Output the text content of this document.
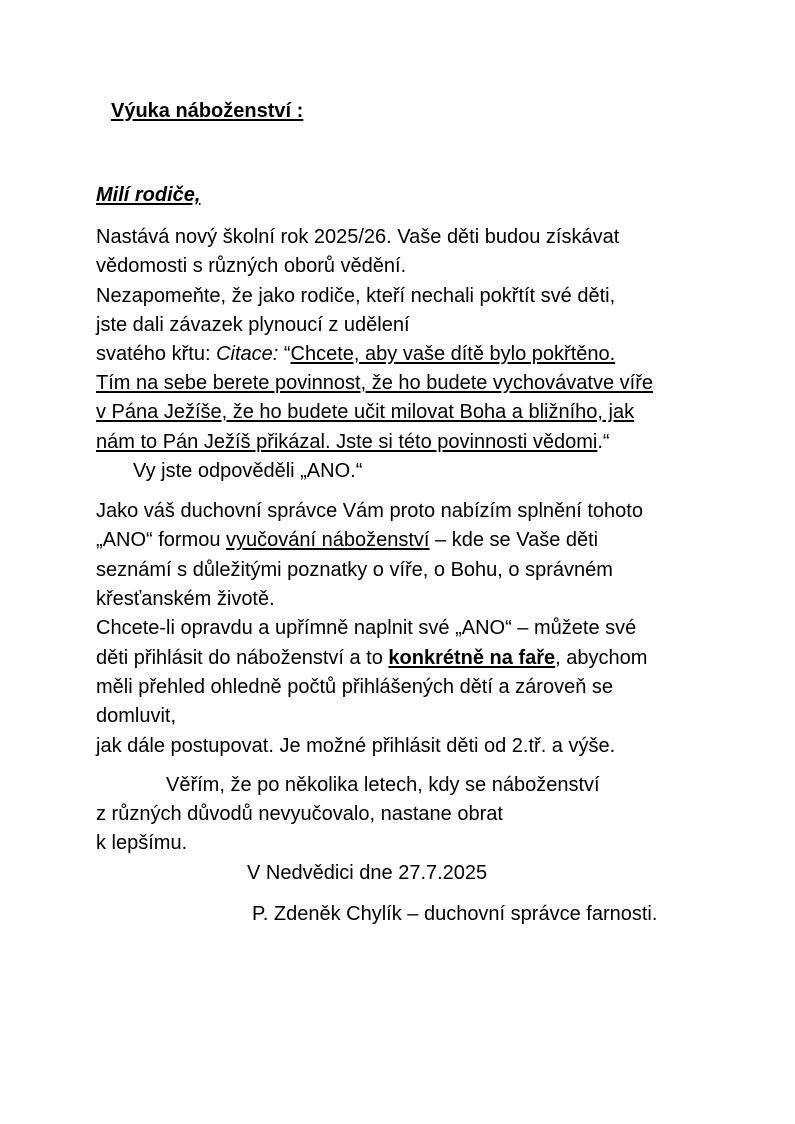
Výuka náboženství :
Milí rodiče,
Nastává nový školní rok 2025/26. Vaše děti budou získávat
vědomosti s různých oborů vědění.
Nezapomeňte, že jako rodiče, kteří nechali pokřtít své děti,
jste dali závazek plynoucí z udělení
svatého křtu: Citace: “Chcete, aby vaše dítě bylo pokřtěno.
Tím na sebe berete povinnost, že ho budete vychovávatve víře
v Pána Ježíše, že ho budete učit milovat Boha a bližního, jak
nám to Pán Ježíš přikázal. Jste si této povinnosti vědomi.“
Vy jste odpověděli „ANO.“
Jako váš duchovní správce Vám proto nabízím splnění tohoto
„ANO“ formou vyučování náboženství – kde se Vaše děti
seznámí s důležitými poznatky o víře, o Bohu, o správném
křesťanském životě.
Chcete-li opravdu a upřímně naplnit své „ANO“ – můžete své
děti přihlásit do náboženství a to konkrétně na faře, abychom
měli přehled ohledně počtů přihlášených dětí a zároveň se
domluvit,
jak dále postupovat. Je možné přihlásit děti od 2.tř. a výše.
Věřím, že po několika letech, kdy se náboženství
z různých důvodů nevyučovalo, nastane obrat
k lepšímu.
V Nedvědici dne 27.7.2025
P. Zdeněk Chylík – duchovní správce farnosti.
